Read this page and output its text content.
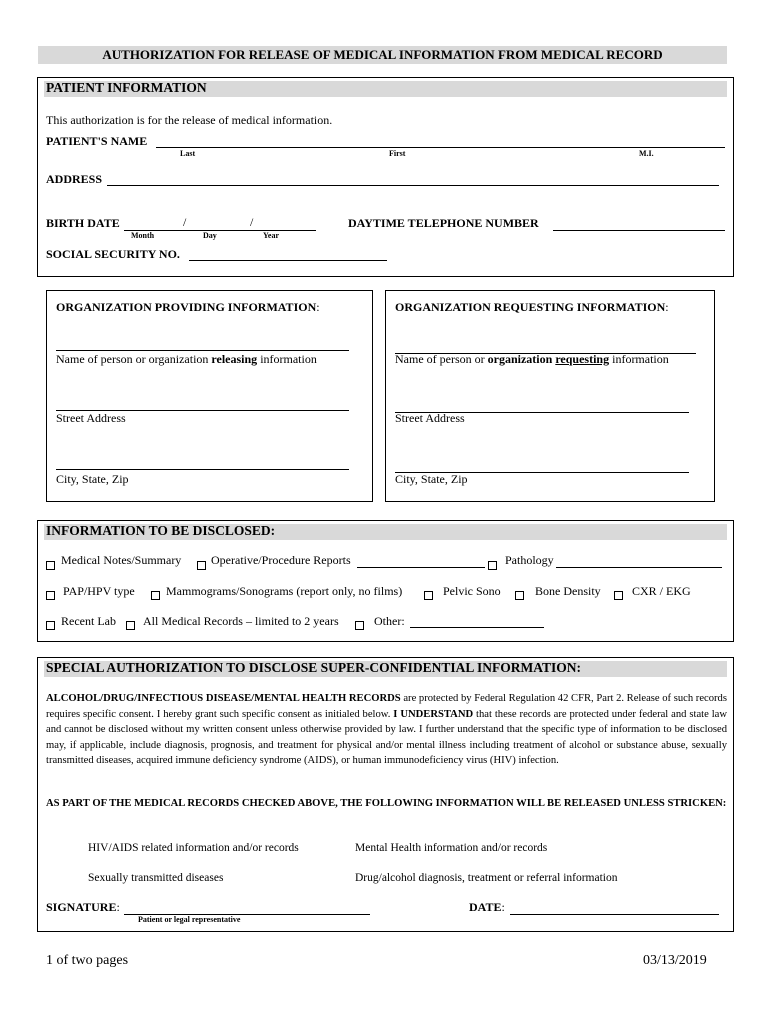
AUTHORIZATION FOR RELEASE OF MEDICAL INFORMATION FROM MEDICAL RECORD
PATIENT INFORMATION
This authorization is for the release of medical information.
PATIENT'S NAME
Last	First	M.I.
ADDRESS
BIRTH DATE	/	/
Month	Day	Year
DAYTIME TELEPHONE NUMBER
SOCIAL SECURITY NO.
ORGANIZATION PROVIDING INFORMATION:
Name of person or organization releasing information
Street Address
City, State, Zip
ORGANIZATION REQUESTING INFORMATION:
Name of person or organization requesting information
Street Address
City, State, Zip
INFORMATION TO BE DISCLOSED:
Medical Notes/Summary Operative/Procedure Reports	Pathology
PAP/HPV type	Mammograms/Sonograms (report only, no films)	Pelvic Sono	Bone Density	CXR / EKG
Recent Lab All Medical Records – limited to 2 years	Other:
SPECIAL AUTHORIZATION TO DISCLOSE SUPER-CONFIDENTIAL INFORMATION:
ALCOHOL/DRUG/INFECTIOUS DISEASE/MENTAL HEALTH RECORDS are protected by Federal Regulation 42 CFR, Part 2. Release of such records requires specific consent. I hereby grant such specific consent as initialed below. I UNDERSTAND that these records are protected under federal and state law and cannot be disclosed without my written consent unless otherwise provided by law. I further understand that the specific type of information to be disclosed may, if applicable, include diagnosis, prognosis, and treatment for physical and/or mental illness including treatment of alcohol or substance abuse, sexually transmitted diseases, acquired immune deficiency syndrome (AIDS), or human immunodeficiency virus (HIV) infection.
AS PART OF THE MEDICAL RECORDS CHECKED ABOVE, THE FOLLOWING INFORMATION WILL BE RELEASED UNLESS STRICKEN:
HIV/AIDS related information and/or records	Mental Health information and/or records
Sexually transmitted diseases	Drug/alcohol diagnosis, treatment or referral information
SIGNATURE:
Patient or legal representative
DATE:
1 of two pages	03/13/2019
